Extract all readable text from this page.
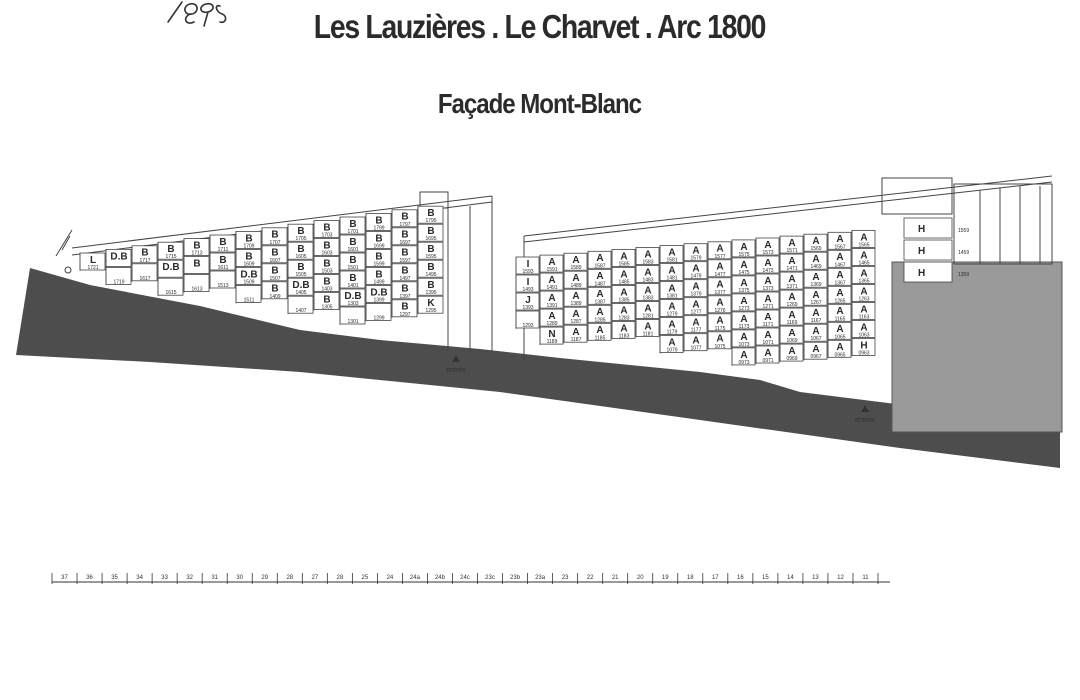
Les Lauzières . Le Charvet . Arc 1800
Façade Mont-Blanc
L
1721
D.B
1719
B
1717
1617
B
1715
D.B
1615
B
1713
B
1613
B
1711
B
1611
1513
B
1709
B
1609
D.B
1509
1511
B
1707
B
1607
B
1507
B
1409
B
1705
B
1605
B
1505
D.B
1405
1407
B
1703
B
1603
B
1503
B
1403
B
1305
B
1701
B
1601
B
1501
B
1401
D.B
1303
1301
B
1799
B
1699
B
1599
B
1499
D.B
1399
1299
B
1797
B
1697
B
1597
B
1497
B
1397
B
1297
B
1795
B
1695
B
1595
B
1495
B
1395
K
1295
I
1593
I
1493
J
1393
1293
A
1591
A
1491
A
1391
A
1289
N
1189
A
1589
A
1489
A
1389
A
1287
A
1187
A
1587
A
1487
A
1387
A
1285
A
1185
A
1585
A
1485
A
1385
A
1283
A
1183
A
1583
A
1483
A
1383
A
1281
A
1181
A
1581
A
1481
A
1381
A
1279
A
1179
A
1079
A
1579
A
1479
A
1379
A
1277
A
1177
A
1077
A
1577
A
1477
A
1377
A
1276
A
1175
A
1075
A
1575
A
1475
A
1375
A
1273
A
1173
A
1073
A
0973
A
1573
A
1473
A
1373
A
1271
A
1171
A
1071
A
0971
A
1571
A
1471
A
1371
A
1269
A
1169
A
1069
A
0969
A
1569
A
1469
A
1369
A
1267
A
1167
A
1067
A
0967
A
1567
A
1467
A
1367
A
1265
A
1165
A
1065
A
0965
A
1565
A
1465
A
1365
A
1263
A
1163
A
1063
H
0963
H	1559
H	1459
H	1359
entrée
entrée
37	36	35	34	33	32	31	30	29	28	27	28	25	24	24a	24b	24c	23c	23b	23a	23	22	21	20	19	18	17	16	15	14	13	12	11
